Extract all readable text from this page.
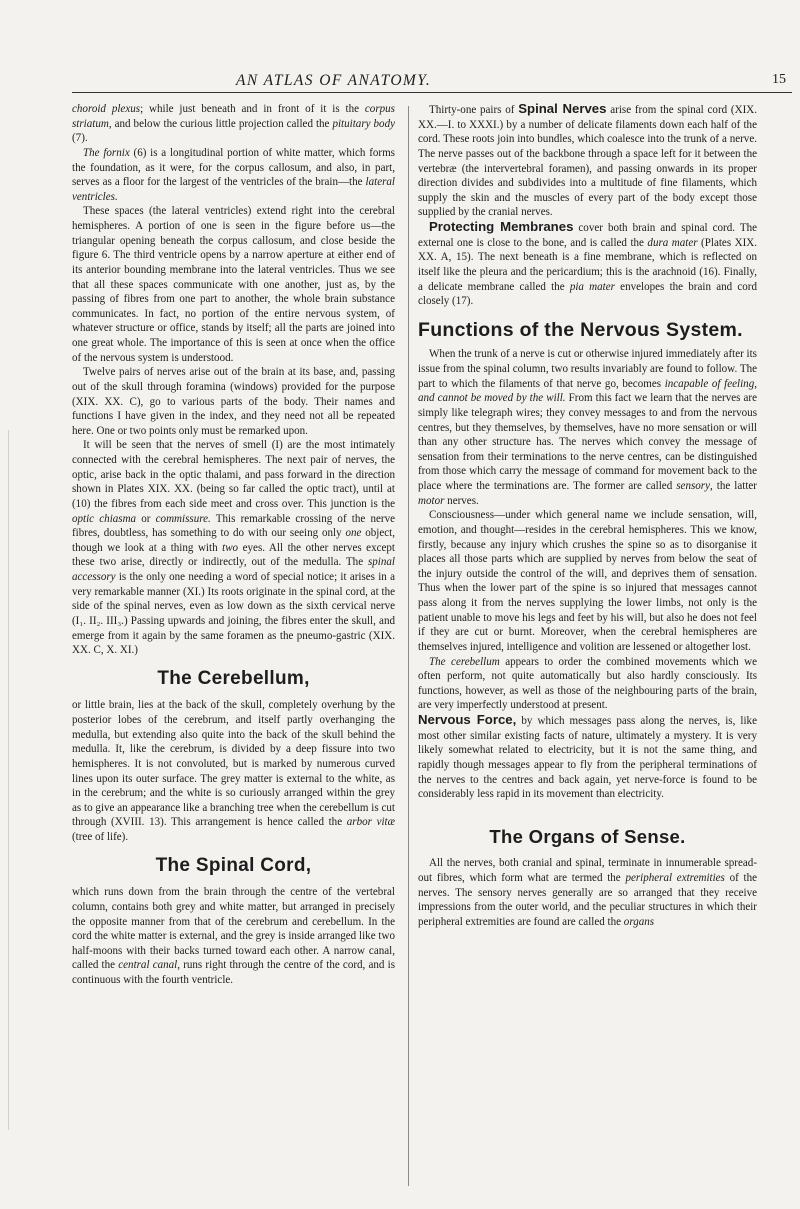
AN ATLAS OF ANATOMY.	15

choroid plexus; while just beneath and in front of it is the corpus striatum, and below the curious little projection called the pituitary body (7).

The fornix (6) is a longitudinal portion of white matter, which forms the foundation, as it were, for the corpus callosum, and also, in part, serves as a floor for the largest of the ventricles of the brain—the lateral ventricles.

These spaces (the lateral ventricles) extend right into the cerebral hemispheres. A portion of one is seen in the figure before us—the triangular opening beneath the corpus callosum, and close beside the figure 6. The third ventricle opens by a narrow aperture at either end of its anterior bounding membrane into the lateral ventricles. Thus we see that all these spaces communicate with one another, just as, by the passing of fibres from one part to another, the whole brain substance communicates. In fact, no portion of the entire nervous system, of whatever structure or office, stands by itself; all the parts are joined into one great whole. The importance of this is seen at once when the office of the nervous system is understood.

Twelve pairs of nerves arise out of the brain at its base, and, passing out of the skull through foramina (windows) provided for the purpose (XIX. XX. C), go to various parts of the body. Their names and functions I have given in the index, and they need not all be repeated here. One or two points only must be remarked upon.

It will be seen that the nerves of smell (I) are the most intimately connected with the cerebral hemispheres. The next pair of nerves, the optic, arise back in the optic thalami, and pass forward in the direction shown in Plates XIX. XX. (being so far called the optic tract), until at (10) the fibres from each side meet and cross over. This junction is the optic chiasma or commissure. This remarkable crossing of the nerve fibres, doubtless, has something to do with our seeing only one object, though we look at a thing with two eyes. All the other nerves except these two arise, directly or indirectly, out of the medulla. The spinal accessory is the only one needing a word of special notice; it arises in a very remarkable manner (XI.) Its roots originate in the spinal cord, at the side of the spinal nerves, even as low down as the sixth cervical nerve (I₁. II₂. III₃.) Passing upwards and joining, the fibres enter the skull, and emerge from it again by the same foramen as the pneumo-gastric (XIX. XX. C, X. XI.)

The Cerebellum,

or little brain, lies at the back of the skull, completely overhung by the posterior lobes of the cerebrum, and itself partly overhanging the medulla, but extending also quite into the back of the skull behind the medulla. It, like the cerebrum, is divided by a deep fissure into two hemispheres. It is not convoluted, but is marked by numerous curved lines upon its outer surface. The grey matter is external to the white, as in the cerebrum; and the white is so curiously arranged within the grey as to give an appearance like a branching tree when the cerebellum is cut through (XVIII. 13). This arrangement is hence called the arbor vitæ (tree of life).

The Spinal Cord,

which runs down from the brain through the centre of the vertebral column, contains both grey and white matter, but arranged in precisely the opposite manner from that of the cerebrum and cerebellum. In the cord the white matter is external, and the grey is inside arranged like two half-moons with their backs turned toward each other. A narrow canal, called the central canal, runs right through the centre of the cord, and is continuous with the fourth ventricle.

Thirty-one pairs of Spinal Nerves arise from the spinal cord (XIX. XX.—I. to XXXI.) by a number of delicate filaments down each half of the cord. These roots join into bundles, which coalesce into the trunk of a nerve. The nerve passes out of the backbone through a space left for it between the vertebræ (the intervertebral foramen), and passing onwards in its proper direction divides and subdivides into a multitude of fine filaments, which supply the skin and the muscles of every part of the body except those supplied by the cranial nerves.

Protecting Membranes cover both brain and spinal cord. The external one is close to the bone, and is called the dura mater (Plates XIX. XX. A, 15). The next beneath is a fine membrane, which is reflected on itself like the pleura and the pericardium; this is the arachnoid (16). Finally, a delicate membrane called the pia mater envelopes the brain and cord closely (17).

Functions of the Nervous System.

When the trunk of a nerve is cut or otherwise injured immediately after its issue from the spinal column, two results invariably are found to follow. The part to which the filaments of that nerve go, becomes incapable of feeling, and cannot be moved by the will. From this fact we learn that the nerves are simply like telegraph wires; they convey messages to and from the nervous centres, but they themselves, by themselves, have no more sensation or will than any other structure has. The nerves which convey the message of sensation from their terminations to the nerve centres, can be distinguished from those which carry the message of command for movement back to the place where the terminations are. The former are called sensory, the latter motor nerves.

Consciousness—under which general name we include sensation, will, emotion, and thought—resides in the cerebral hemispheres. This we know, firstly, because any injury which crushes the spine so as to disorganise it places all those parts which are supplied by nerves from below the seat of the injury outside the control of the will, and deprives them of sensation. Thus when the lower part of the spine is so injured that messages cannot pass along it from the nerves supplying the lower limbs, not only is the patient unable to move his legs and feet by his will, but also he does not feel if they are cut or burnt. Moreover, when the cerebral hemispheres are themselves injured, intelligence and volition are lessened or altogether lost.

The cerebellum appears to order the combined movements which we often perform, not quite automatically but also hardly consciously. Its functions, however, as well as those of the neighbouring parts of the brain, are very imperfectly understood at present.

Nervous Force, by which messages pass along the nerves, is, like most other similar existing facts of nature, ultimately a mystery. It is very likely somewhat related to electricity, but it is not the same thing, and rapidly though messages appear to fly from the peripheral terminations of the nerves to the centres and back again, yet nerve-force is found to be considerably less rapid in its movement than electricity.

The Organs of Sense.

All the nerves, both cranial and spinal, terminate in innumerable spread-out fibres, which form what are termed the peripheral extremities of the nerves. The sensory nerves generally are so arranged that they receive impressions from the outer world, and the peculiar structures in which their peripheral extremities are found are called the organs
